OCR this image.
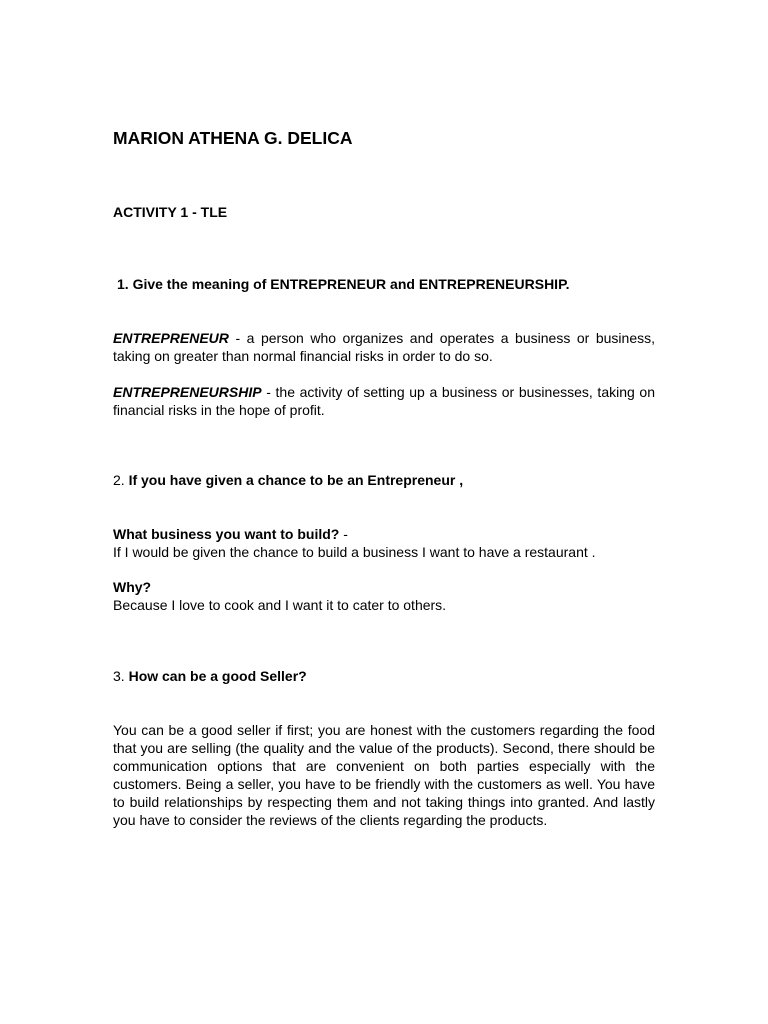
MARION ATHENA G. DELICA
ACTIVITY 1 - TLE
1. Give the meaning of ENTREPRENEUR and ENTREPRENEURSHIP.
ENTREPRENEUR - a person who organizes and operates a business or business, taking on greater than normal financial risks in order to do so.
ENTREPRENEURSHIP - the activity of setting up a business or businesses, taking on financial risks in the hope of profit.
2. If you have given a chance to be an Entrepreneur ,
What business you want to build? -
If I would be given the chance to build a business I want to have a restaurant .
Why?
Because I love to cook and I want it to cater to others.
3. How can be a good Seller?
You can be a good seller if first; you are honest with the customers regarding the food that you are selling (the quality and the value of the products). Second, there should be communication options that are convenient on both parties especially with the customers. Being a seller, you have to be friendly with the customers as well. You have to build relationships by respecting them and not taking things into granted. And lastly you have to consider the reviews of the clients regarding the products.
